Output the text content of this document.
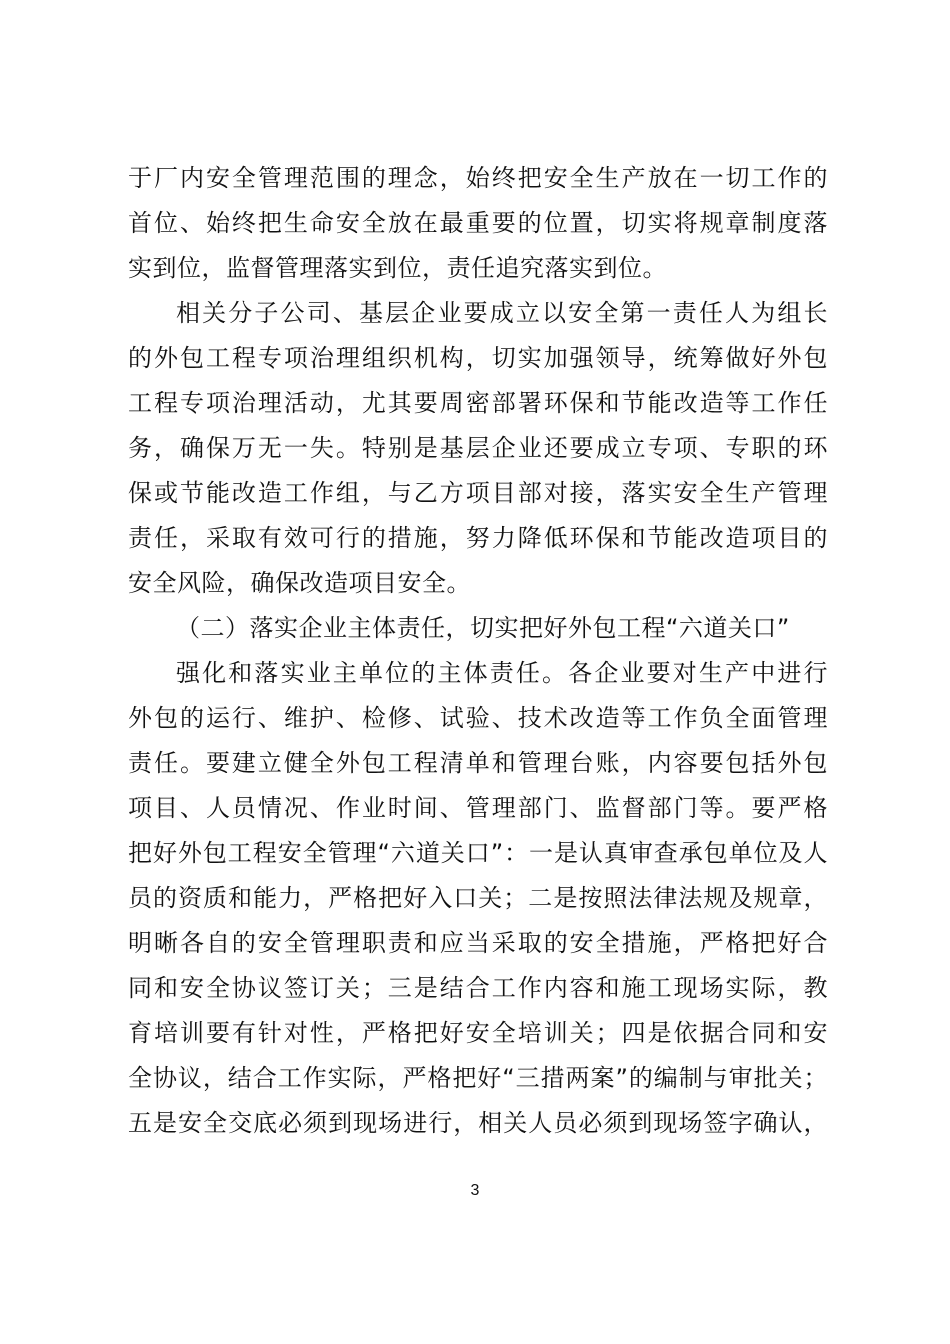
于厂内安全管理范围的理念，始终把安全生产放在一切工作的
首位、始终把生命安全放在最重要的位置，切实将规章制度落
实到位，监督管理落实到位，责任追究落实到位。
相关分子公司、基层企业要成立以安全第一责任人为组长
的外包工程专项治理组织机构，切实加强领导，统筹做好外包
工程专项治理活动，尤其要周密部署环保和节能改造等工作任
务，确保万无一失。特别是基层企业还要成立专项、专职的环
保或节能改造工作组，与乙方项目部对接，落实安全生产管理
责任，采取有效可行的措施，努力降低环保和节能改造项目的
安全风险，确保改造项目安全。
（二）落实企业主体责任，切实把好外包工程“六道关口”
强化和落实业主单位的主体责任。各企业要对生产中进行
外包的运行、维护、检修、试验、技术改造等工作负全面管理
责任。要建立健全外包工程清单和管理台账，内容要包括外包
项目、人员情况、作业时间、管理部门、监督部门等。要严格
把好外包工程安全管理“六道关口”：一是认真审查承包单位及人
员的资质和能力，严格把好入口关；二是按照法律法规及规章，
明晰各自的安全管理职责和应当采取的安全措施，严格把好合
同和安全协议签订关；三是结合工作内容和施工现场实际，教
育培训要有针对性，严格把好安全培训关；四是依据合同和安
全协议，结合工作实际，严格把好“三措两案”的编制与审批关；
五是安全交底必须到现场进行，相关人员必须到现场签字确认，
3
